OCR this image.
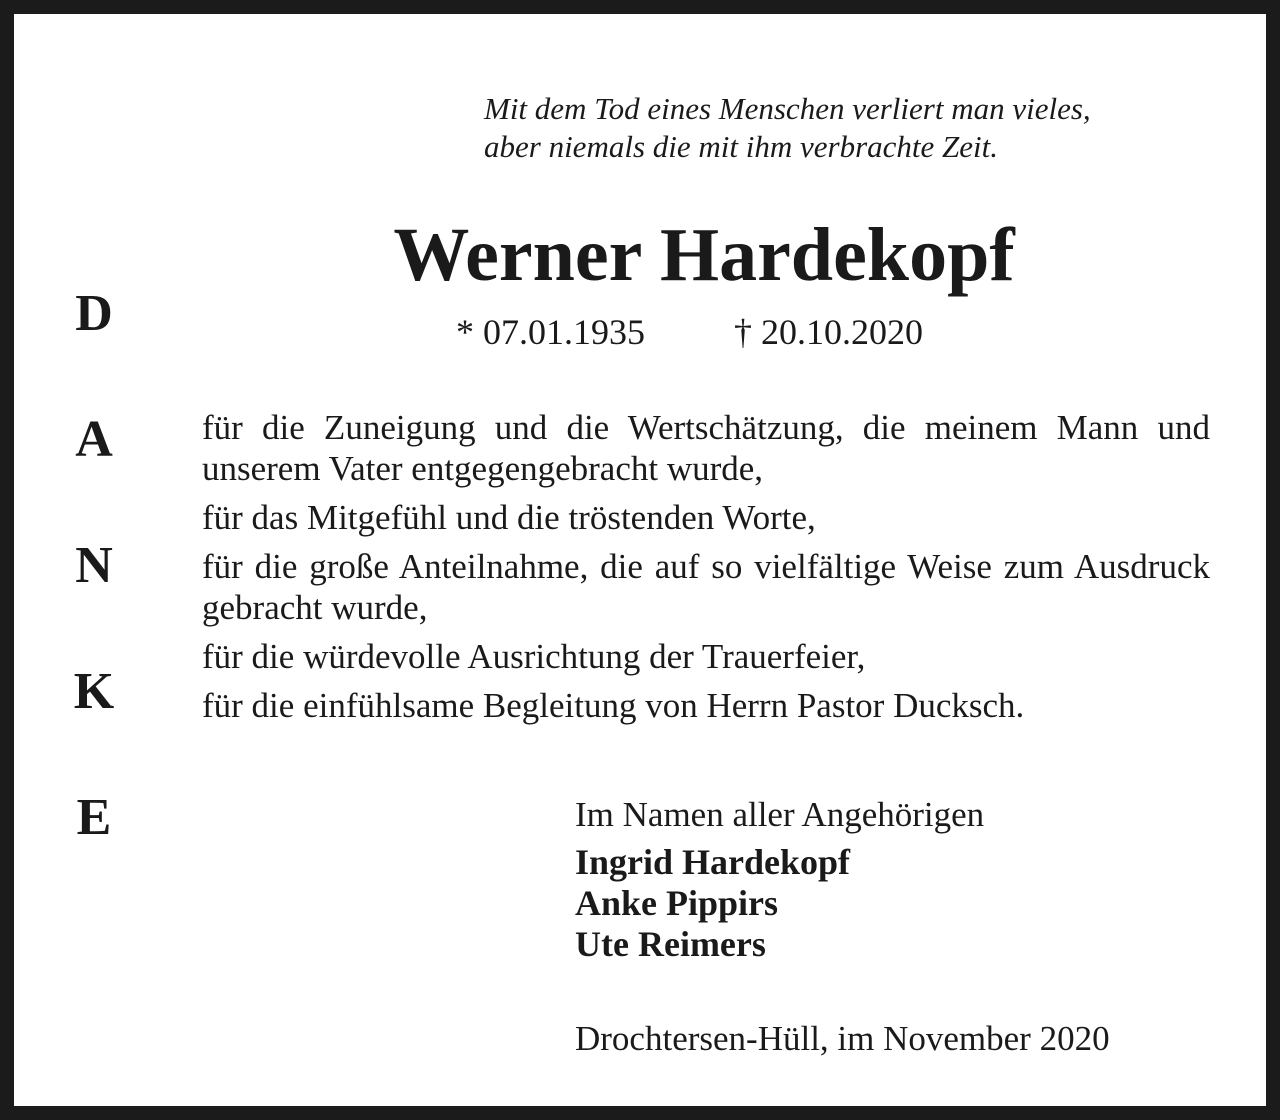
Mit dem Tod eines Menschen verliert man vieles,
aber niemals die mit ihm verbrachte Zeit.
Werner Hardekopf
* 07.01.1935 † 20.10.2020
D
A
N
K
E
für die Zuneigung und die Wertschätzung, die meinem Mann und unserem Vater entgegengebracht wurde,
für das Mitgefühl und die tröstenden Worte,
für die große Anteilnahme, die auf so vielfältige Weise zum Ausdruck gebracht wurde,
für die würdevolle Ausrichtung der Trauerfeier,
für die einfühlsame Begleitung von Herrn Pastor Ducksch.
Im Namen aller Angehörigen
Ingrid Hardekopf
Anke Pippirs
Ute Reimers
Drochtersen-Hüll, im November 2020
